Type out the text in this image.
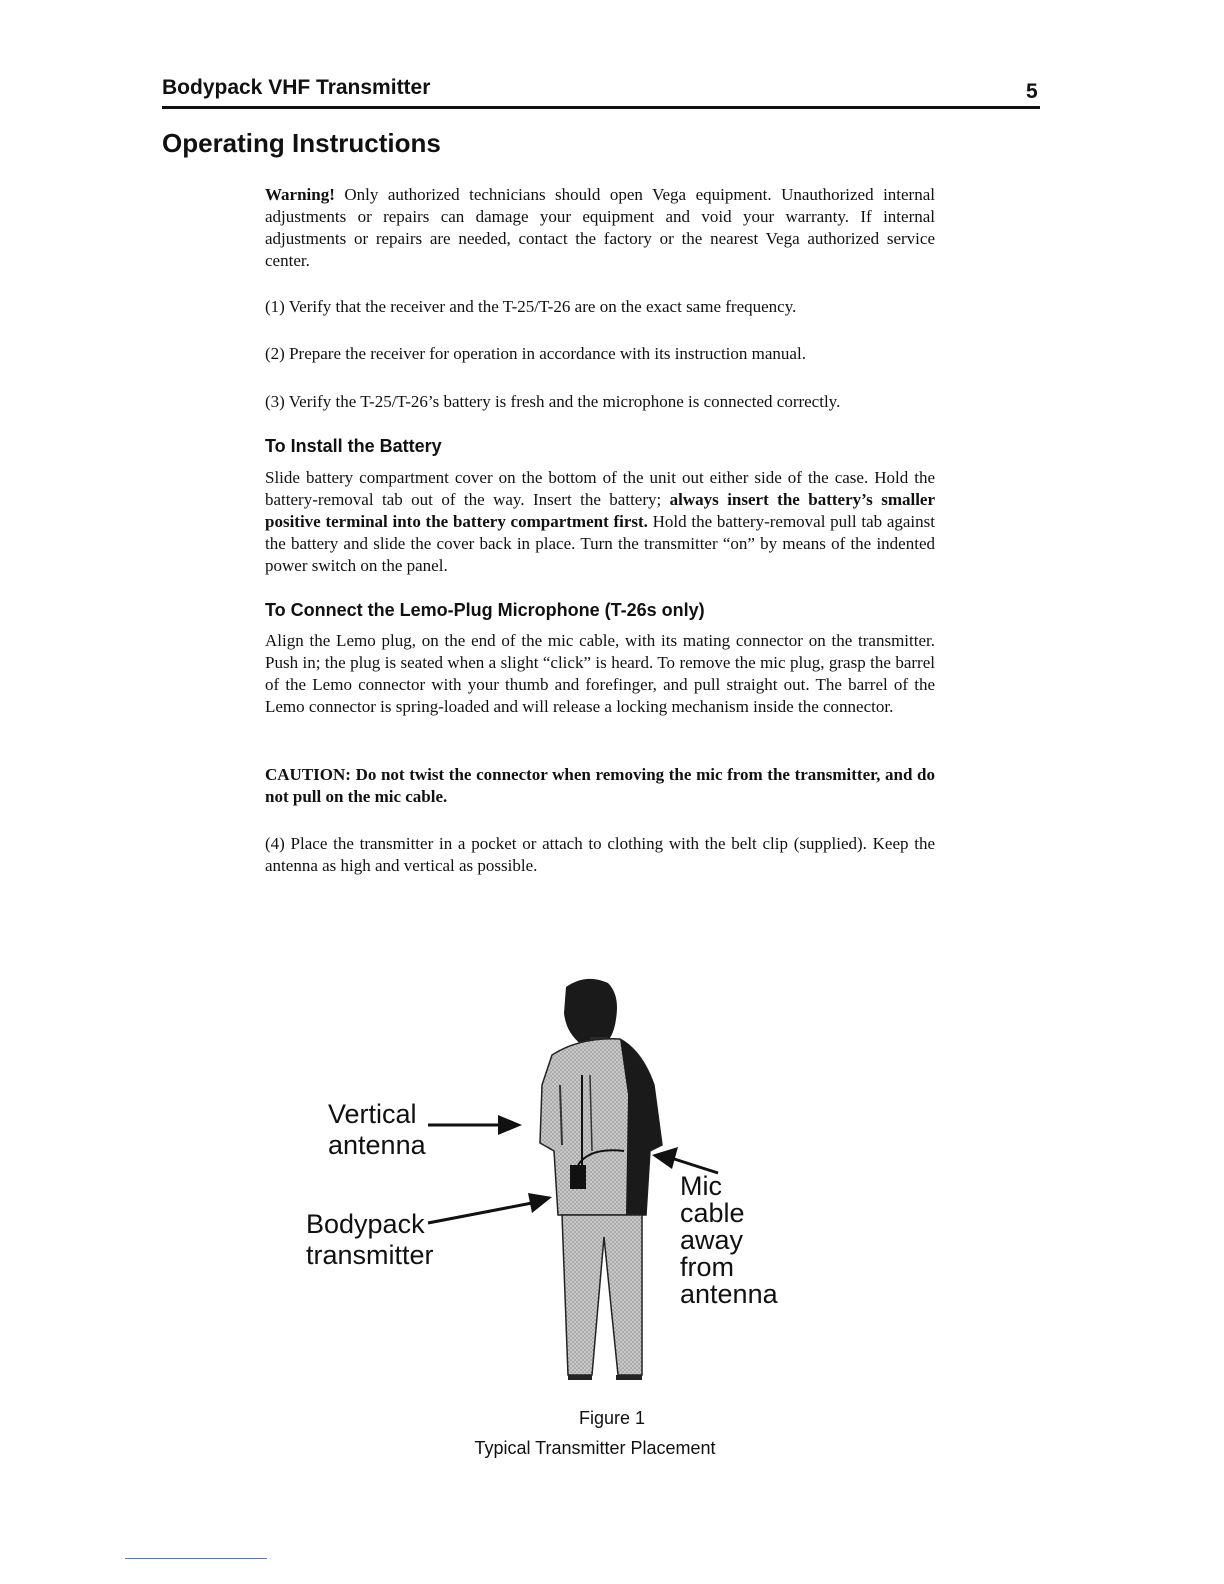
Bodypack VHF Transmitter	5
Operating Instructions
Warning! Only authorized technicians should open Vega equipment. Unauthorized internal adjustments or repairs can damage your equipment and void your warranty. If internal adjustments or repairs are needed, contact the factory or the nearest Vega authorized service center.
(1) Verify that the receiver and the T-25/T-26 are on the exact same frequency.
(2) Prepare the receiver for operation in accordance with its instruction manual.
(3) Verify the T-25/T-26’s battery is fresh and the microphone is connected correctly.
To Install the Battery
Slide battery compartment cover on the bottom of the unit out either side of the case. Hold the battery-removal tab out of the way. Insert the battery; always insert the battery’s smaller positive terminal into the battery compartment first. Hold the battery-removal pull tab against the battery and slide the cover back in place. Turn the transmitter “on” by means of the indented power switch on the panel.
To Connect the Lemo-Plug Microphone (T-26s only)
Align the Lemo plug, on the end of the mic cable, with its mating connector on the transmitter. Push in; the plug is seated when a slight “click” is heard. To remove the mic plug, grasp the barrel of the Lemo connector with your thumb and forefinger, and pull straight out. The barrel of the Lemo connector is spring-loaded and will release a locking mechanism inside the connector.
CAUTION: Do not twist the connector when removing the mic from the transmitter, and do not pull on the mic cable.
(4) Place the transmitter in a pocket or attach to clothing with the belt clip (supplied). Keep the antenna as high and vertical as possible.
Vertical
antenna
Bodypack
transmitter
Mic cable away
from antenna
Figure 1
Typical Transmitter Placement
